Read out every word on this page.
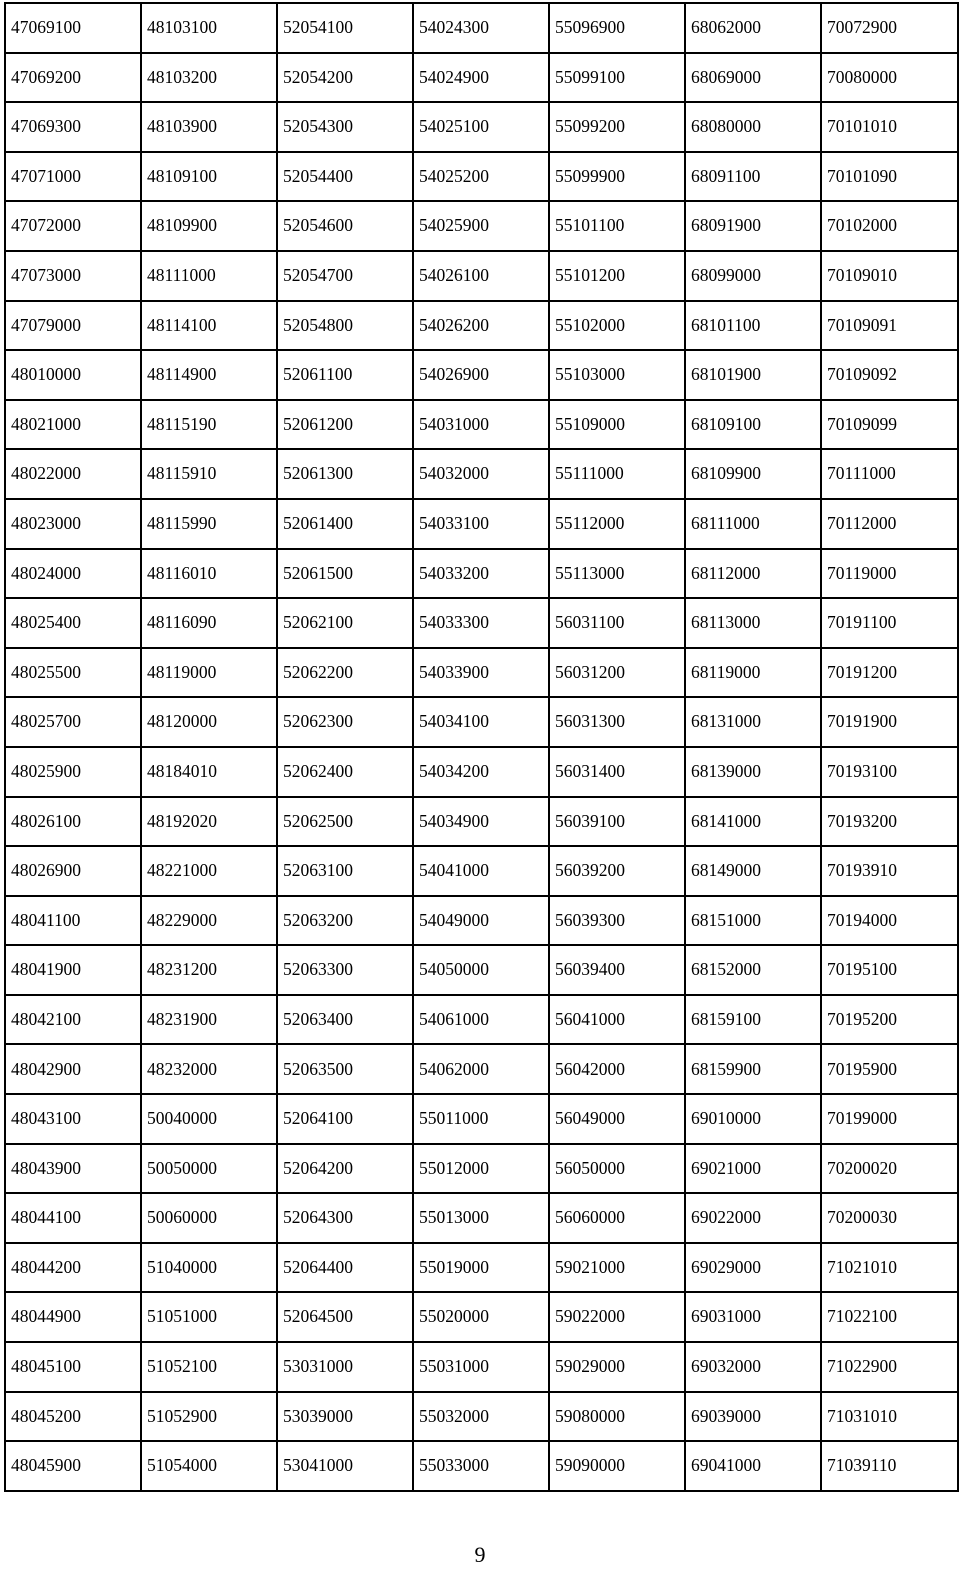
47069100	48103100	52054100	54024300	55096900	68062000	70072900
47069200	48103200	52054200	54024900	55099100	68069000	70080000
47069300	48103900	52054300	54025100	55099200	68080000	70101010
47071000	48109100	52054400	54025200	55099900	68091100	70101090
47072000	48109900	52054600	54025900	55101100	68091900	70102000
47073000	48111000	52054700	54026100	55101200	68099000	70109010
47079000	48114100	52054800	54026200	55102000	68101100	70109091
48010000	48114900	52061100	54026900	55103000	68101900	70109092
48021000	48115190	52061200	54031000	55109000	68109100	70109099
48022000	48115910	52061300	54032000	55111000	68109900	70111000
48023000	48115990	52061400	54033100	55112000	68111000	70112000
48024000	48116010	52061500	54033200	55113000	68112000	70119000
48025400	48116090	52062100	54033300	56031100	68113000	70191100
48025500	48119000	52062200	54033900	56031200	68119000	70191200
48025700	48120000	52062300	54034100	56031300	68131000	70191900
48025900	48184010	52062400	54034200	56031400	68139000	70193100
48026100	48192020	52062500	54034900	56039100	68141000	70193200
48026900	48221000	52063100	54041000	56039200	68149000	70193910
48041100	48229000	52063200	54049000	56039300	68151000	70194000
48041900	48231200	52063300	54050000	56039400	68152000	70195100
48042100	48231900	52063400	54061000	56041000	68159100	70195200
48042900	48232000	52063500	54062000	56042000	68159900	70195900
48043100	50040000	52064100	55011000	56049000	69010000	70199000
48043900	50050000	52064200	55012000	56050000	69021000	70200020
48044100	50060000	52064300	55013000	56060000	69022000	70200030
48044200	51040000	52064400	55019000	59021000	69029000	71021010
48044900	51051000	52064500	55020000	59022000	69031000	71022100
48045100	51052100	53031000	55031000	59029000	69032000	71022900
48045200	51052900	53039000	55032000	59080000	69039000	71031010
48045900	51054000	53041000	55033000	59090000	69041000	71039110
9
